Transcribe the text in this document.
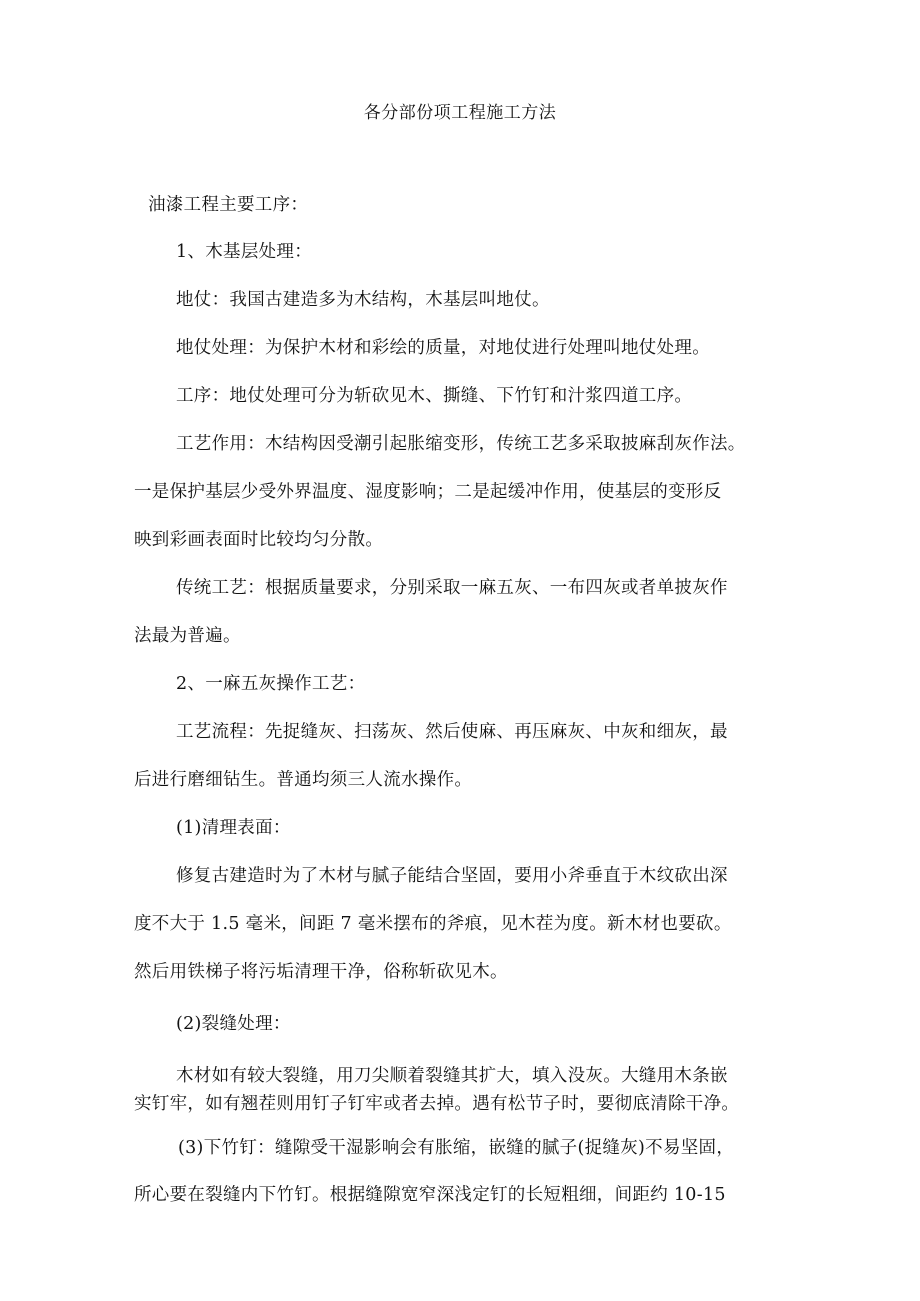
各分部份项工程施工方法
油漆工程主要工序：
1、木基层处理：
地仗：我国古建造多为木结构，木基层叫地仗。
地仗处理：为保护木材和彩绘的质量，对地仗进行处理叫地仗处理。
工序：地仗处理可分为斩砍见木、撕缝、下竹钉和汁浆四道工序。
工艺作用：木结构因受潮引起胀缩变形，传统工艺多采取披麻刮灰作法。
一是保护基层少受外界温度、湿度影响；二是起缓冲作用，使基层的变形反
映到彩画表面时比较均匀分散。
传统工艺：根据质量要求，分别采取一麻五灰、一布四灰或者单披灰作
法最为普遍。
2、一麻五灰操作工艺：
工艺流程：先捉缝灰、扫荡灰、然后使麻、再压麻灰、中灰和细灰，最
后进行磨细钻生。普通均须三人流水操作。
(1)清理表面：
修复古建造时为了木材与腻子能结合坚固，要用小斧垂直于木纹砍出深
度不大于 1.5 毫米，间距 7 毫米摆布的斧痕，见木茬为度。新木材也要砍。
然后用铁梯子将污垢清理干净，俗称斩砍见木。
(2)裂缝处理：
木材如有较大裂缝，用刀尖顺着裂缝其扩大，填入没灰。大缝用木条嵌
实钉牢，如有翘茬则用钉子钉牢或者去掉。遇有松节子时，要彻底清除干净。
(3)下竹钉：缝隙受干湿影响会有胀缩，嵌缝的腻子(捉缝灰)不易坚固，
所心要在裂缝内下竹钉。根据缝隙宽窄深浅定钉的长短粗细，间距约 10-15
